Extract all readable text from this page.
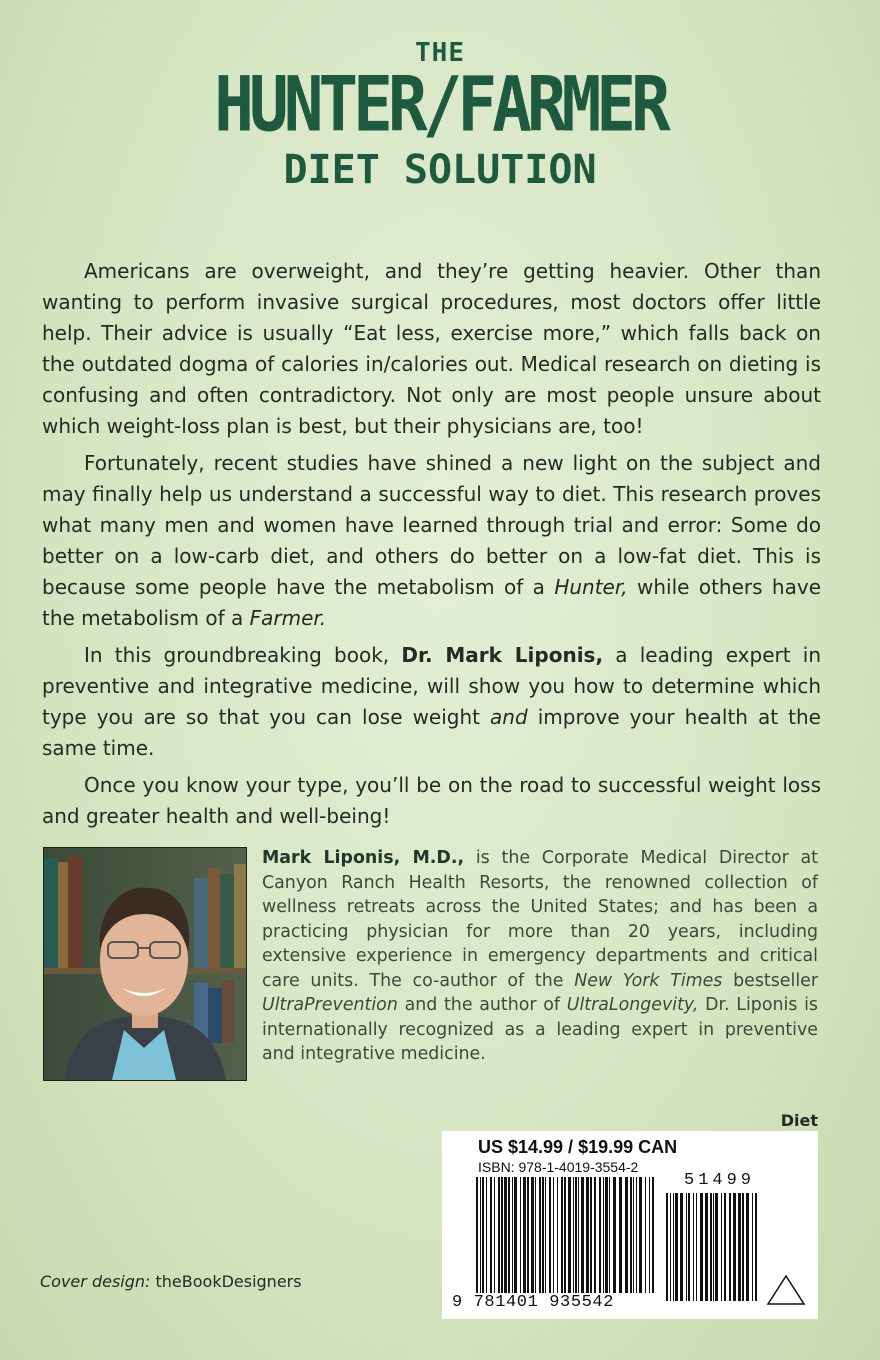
THE
HUNTER/FARMER
DIET SOLUTION

Americans are overweight, and they’re getting heavier. Other than wanting to perform invasive surgical procedures, most doctors offer little help. Their advice is usually “Eat less, exercise more,” which falls back on the outdated dogma of calories in/calories out. Medical research on dieting is confusing and often contradictory. Not only are most people unsure about which weight-loss plan is best, but their physicians are, too!

Fortunately, recent studies have shined a new light on the subject and may finally help us understand a successful way to diet. This research proves what many men and women have learned through trial and error: Some do better on a low-carb diet, and others do better on a low-fat diet. This is because some people have the metabolism of a Hunter, while others have the metabolism of a Farmer.

In this groundbreaking book, Dr. Mark Liponis, a leading expert in preventive and integrative medicine, will show you how to determine which type you are so that you can lose weight and improve your health at the same time.

Once you know your type, you’ll be on the road to successful weight loss and greater health and well-being!

Mark Liponis, M.D., is the Corporate Medical Director at Canyon Ranch Health Resorts, the renowned collection of wellness retreats across the United States; and has been a practicing physician for more than 20 years, including extensive experience in emergency departments and critical care units. The co-author of the New York Times bestseller UltraPrevention and the author of UltraLongevity, Dr. Liponis is internationally recognized as a leading expert in preventive and integrative medicine.
Diet
US $14.99 / $19.99 CAN
ISBN: 978-1-4019-3554-2
51499
9 781401 935542
Cover design: theBookDesigners
